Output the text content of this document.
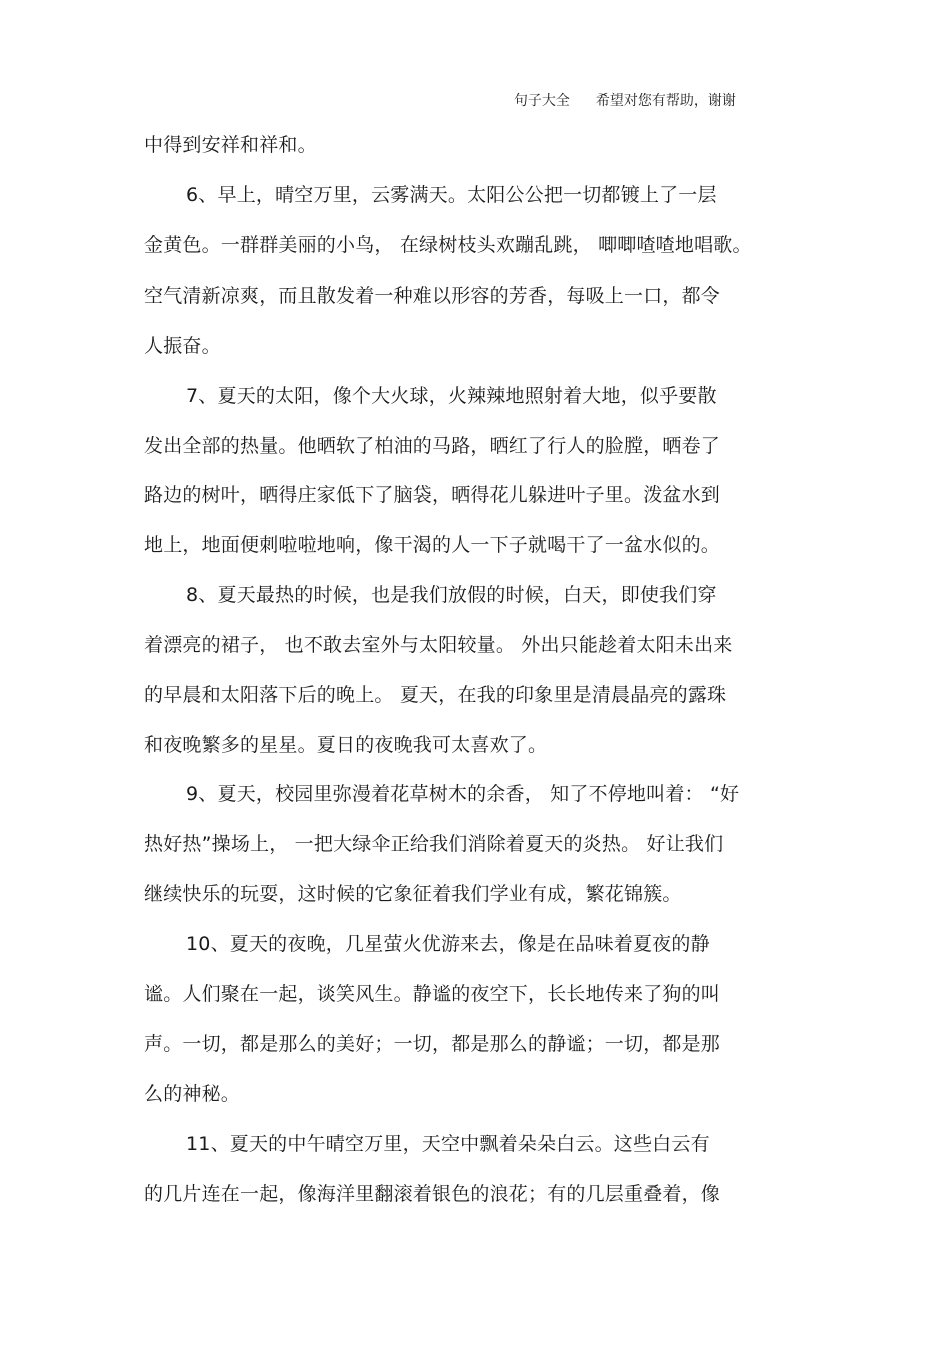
句子大全 希望对您有帮助，谢谢

中得到安祥和祥和。
6、早上，晴空万里，云雾满天。太阳公公把一切都镀上了一层
金黄色。一群群美丽的小鸟， 在绿树枝头欢蹦乱跳， 唧唧喳喳地唱歌。
空气清新凉爽，而且散发着一种难以形容的芳香，每吸上一口，都令
人振奋。
7、夏天的太阳，像个大火球，火辣辣地照射着大地，似乎要散
发出全部的热量。他晒软了柏油的马路，晒红了行人的脸膛，晒卷了
路边的树叶，晒得庄家低下了脑袋，晒得花儿躲进叶子里。泼盆水到
地上，地面便刺啦啦地响，像干渴的人一下子就喝干了一盆水似的。
8、夏天最热的时候，也是我们放假的时候，白天，即使我们穿
着漂亮的裙子， 也不敢去室外与太阳较量。 外出只能趁着太阳未出来
的早晨和太阳落下后的晚上。 夏天，在我的印象里是清晨晶亮的露珠
和夜晚繁多的星星。夏日的夜晚我可太喜欢了。
9、夏天，校园里弥漫着花草树木的余香， 知了不停地叫着： “好
热好热”操场上， 一把大绿伞正给我们消除着夏天的炎热。 好让我们
继续快乐的玩耍，这时候的它象征着我们学业有成，繁花锦簇。
10、夏天的夜晚，几星萤火优游来去，像是在品味着夏夜的静
谧。人们聚在一起，谈笑风生。静谧的夜空下，长长地传来了狗的叫
声。一切，都是那么的美好；一切，都是那么的静谧；一切，都是那
么的神秘。
11、夏天的中午晴空万里，天空中飘着朵朵白云。这些白云有
的几片连在一起，像海洋里翻滚着银色的浪花；有的几层重叠着，像
